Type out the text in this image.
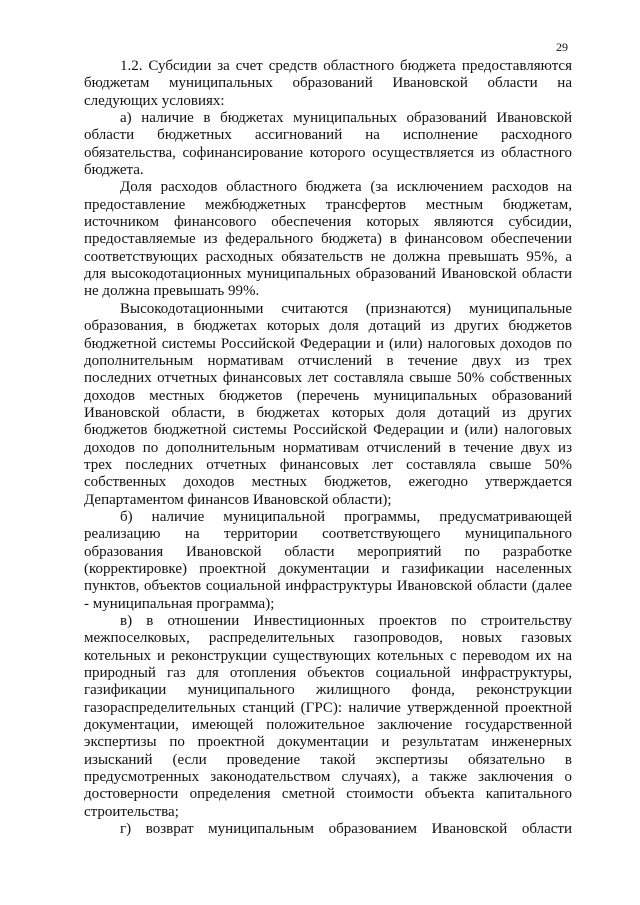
29

1.2. Субсидии за счет средств областного бюджета предоставляются
бюджетам муниципальных образований Ивановской области на
следующих условиях:

а) наличие в бюджетах муниципальных образований Ивановской
области бюджетных ассигнований на исполнение расходного
обязательства, софинансирование которого осуществляется из областного
бюджета.

Доля расходов областного бюджета (за исключением расходов на
предоставление межбюджетных трансфертов местным бюджетам,
источником финансового обеспечения которых являются субсидии,
предоставляемые из федерального бюджета) в финансовом обеспечении
соответствующих расходных обязательств не должна превышать 95%, а
для высокодотационных муниципальных образований Ивановской области
не должна превышать 99%.

Высокодотационными считаются (признаются) муниципальные
образования, в бюджетах которых доля дотаций из других бюджетов
бюджетной системы Российской Федерации и (или) налоговых доходов по
дополнительным нормативам отчислений в течение двух из трех
последних отчетных финансовых лет составляла свыше 50% собственных
доходов местных бюджетов (перечень муниципальных образований
Ивановской области, в бюджетах которых доля дотаций из других
бюджетов бюджетной системы Российской Федерации и (или) налоговых
доходов по дополнительным нормативам отчислений в течение двух из
трех последних отчетных финансовых лет составляла свыше 50%
собственных доходов местных бюджетов, ежегодно утверждается
Департаментом финансов Ивановской области);

б) наличие муниципальной программы, предусматривающей
реализацию на территории соответствующего муниципального
образования Ивановской области мероприятий по разработке
(корректировке) проектной документации и газификации населенных
пунктов, объектов социальной инфраструктуры Ивановской области (далее
- муниципальная программа);

в) в отношении Инвестиционных проектов по строительству
межпоселковых, распределительных газопроводов, новых газовых
котельных и реконструкции существующих котельных с переводом их на
природный газ для отопления объектов социальной инфраструктуры,
газификации муниципального жилищного фонда, реконструкции
газораспределительных станций (ГРС): наличие утвержденной проектной
документации, имеющей положительное заключение государственной
экспертизы по проектной документации и результатам инженерных
изысканий (если проведение такой экспертизы обязательно в
предусмотренных законодательством случаях), а также заключения о
достоверности определения сметной стоимости объекта капитального
строительства;

г) возврат муниципальным образованием Ивановской области
